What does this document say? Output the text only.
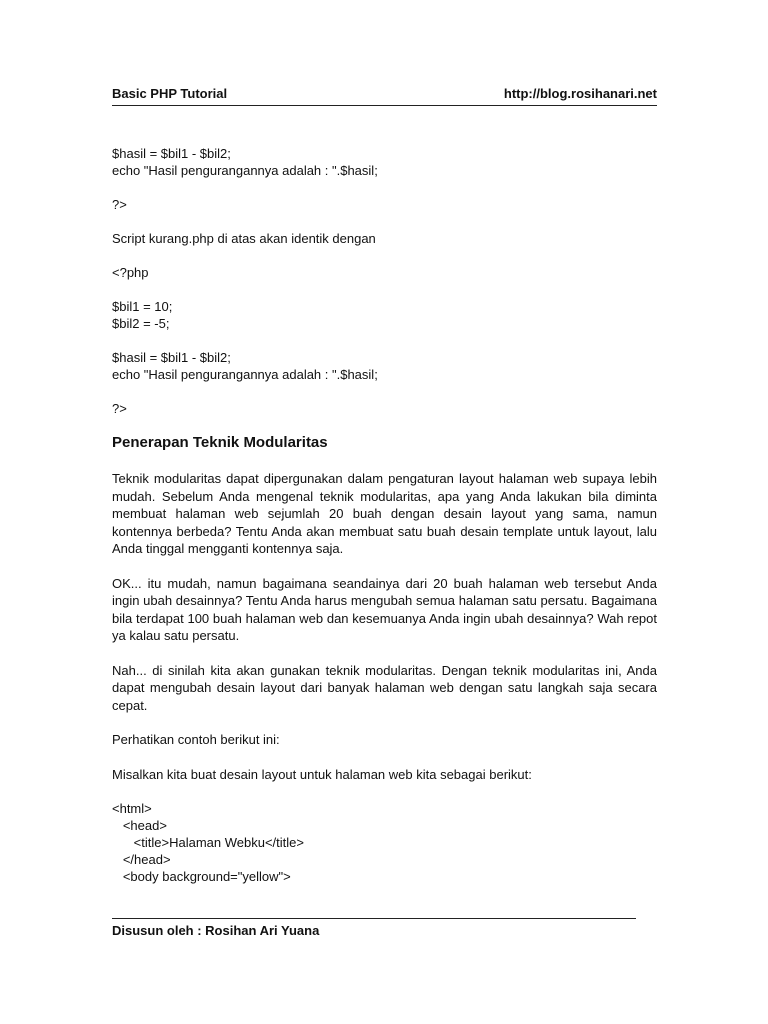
Basic PHP Tutorial	http://blog.rosihanari.net
$hasil = $bil1 - $bil2;
echo "Hasil pengurangannya adalah : ".$hasil;
?>
Script kurang.php di atas akan identik dengan
<?php
$bil1 = 10;
$bil2 = -5;
$hasil = $bil1 - $bil2;
echo "Hasil pengurangannya adalah : ".$hasil;
?>
Penerapan Teknik Modularitas

Teknik modularitas dapat dipergunakan dalam pengaturan layout halaman web supaya lebih mudah. Sebelum Anda mengenal teknik modularitas, apa yang Anda lakukan bila diminta membuat halaman web sejumlah 20 buah dengan desain layout yang sama, namun kontennya berbeda? Tentu Anda akan membuat satu buah desain template untuk layout, lalu Anda tinggal mengganti kontennya saja.

OK... itu mudah, namun bagaimana seandainya dari 20 buah halaman web tersebut Anda ingin ubah desainnya? Tentu Anda harus mengubah semua halaman satu persatu. Bagaimana bila terdapat 100 buah halaman web dan kesemuanya Anda ingin ubah desainnya? Wah repot ya kalau satu persatu.

Nah... di sinilah kita akan gunakan teknik modularitas. Dengan teknik modularitas ini, Anda dapat mengubah desain layout dari banyak halaman web dengan satu langkah saja secara cepat.

Perhatikan contoh berikut ini:

Misalkan kita buat desain layout untuk halaman web kita sebagai berikut:

<html>
<head>
<title>Halaman Webku</title>
</head>
<body background="yellow">
Disusun oleh : Rosihan Ari Yuana
